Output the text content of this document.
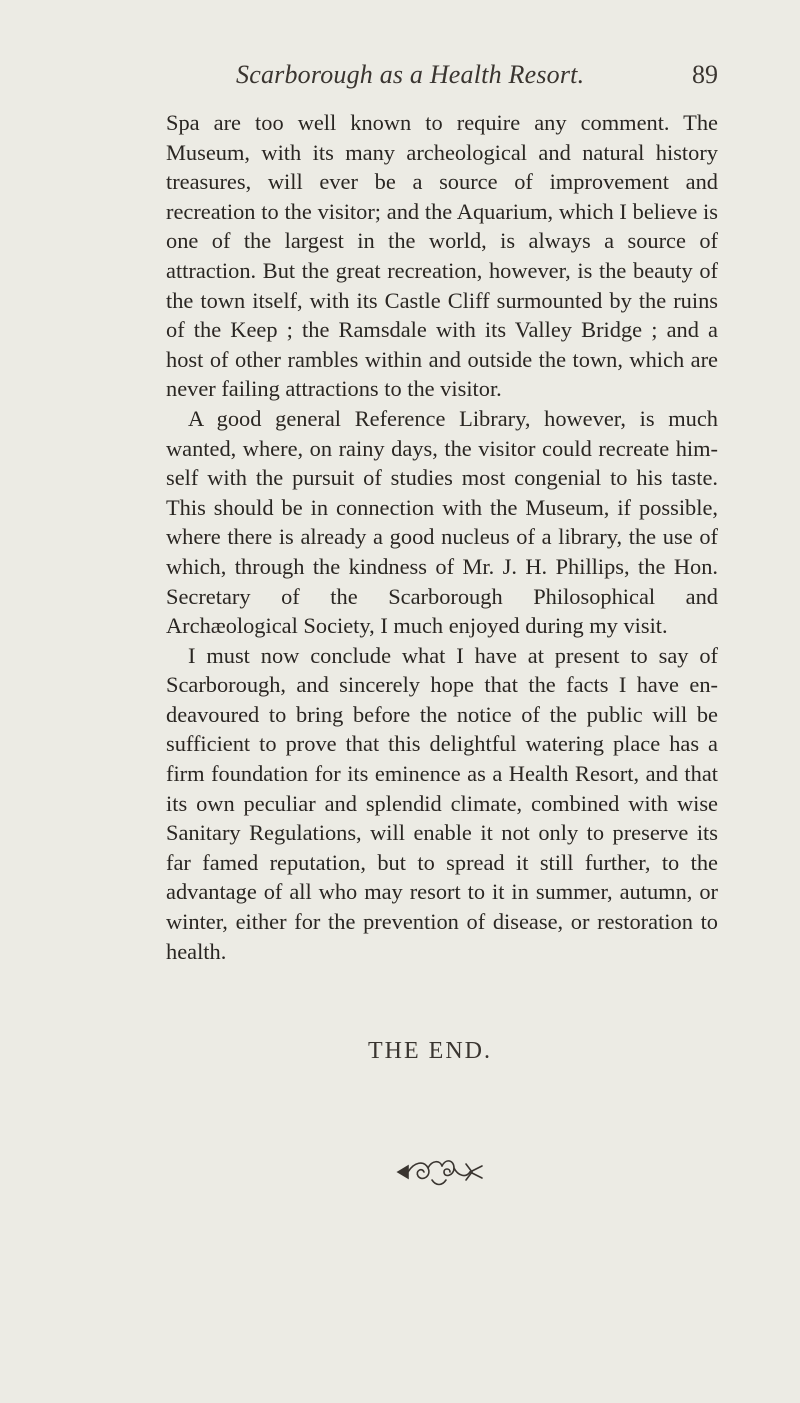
Scarborough as a Health Resort.	89

Spa are too well known to require any comment. The Museum, with its many archeological and natural history treasures, will ever be a source of improvement and recreation to the visitor; and the Aquarium, which I believe is one of the largest in the world, is always a source of attraction. But the great recreation, however, is the beauty of the town itself, with its Castle Cliff surmounted by the ruins of the Keep ; the Ramsdale with its Valley Bridge ; and a host of other rambles within and outside the town, which are never failing attractions to the visitor.

A good general Reference Library, however, is much wanted, where, on rainy days, the visitor could recreate him-self with the pursuit of studies most congenial to his taste. This should be in connection with the Museum, if possible, where there is already a good nucleus of a library, the use of which, through the kindness of Mr. J. H. Phillips, the Hon. Secretary of the Scarborough Philosophical and Archæological Society, I much enjoyed during my visit.

I must now conclude what I have at present to say of Scarborough, and sincerely hope that the facts I have en-deavoured to bring before the notice of the public will be sufficient to prove that this delightful watering place has a firm foundation for its eminence as a Health Resort, and that its own peculiar and splendid climate, combined with wise Sanitary Regulations, will enable it not only to preserve its far famed reputation, but to spread it still further, to the advantage of all who may resort to it in summer, autumn, or winter, either for the prevention of disease, or restoration to health.

THE END.
